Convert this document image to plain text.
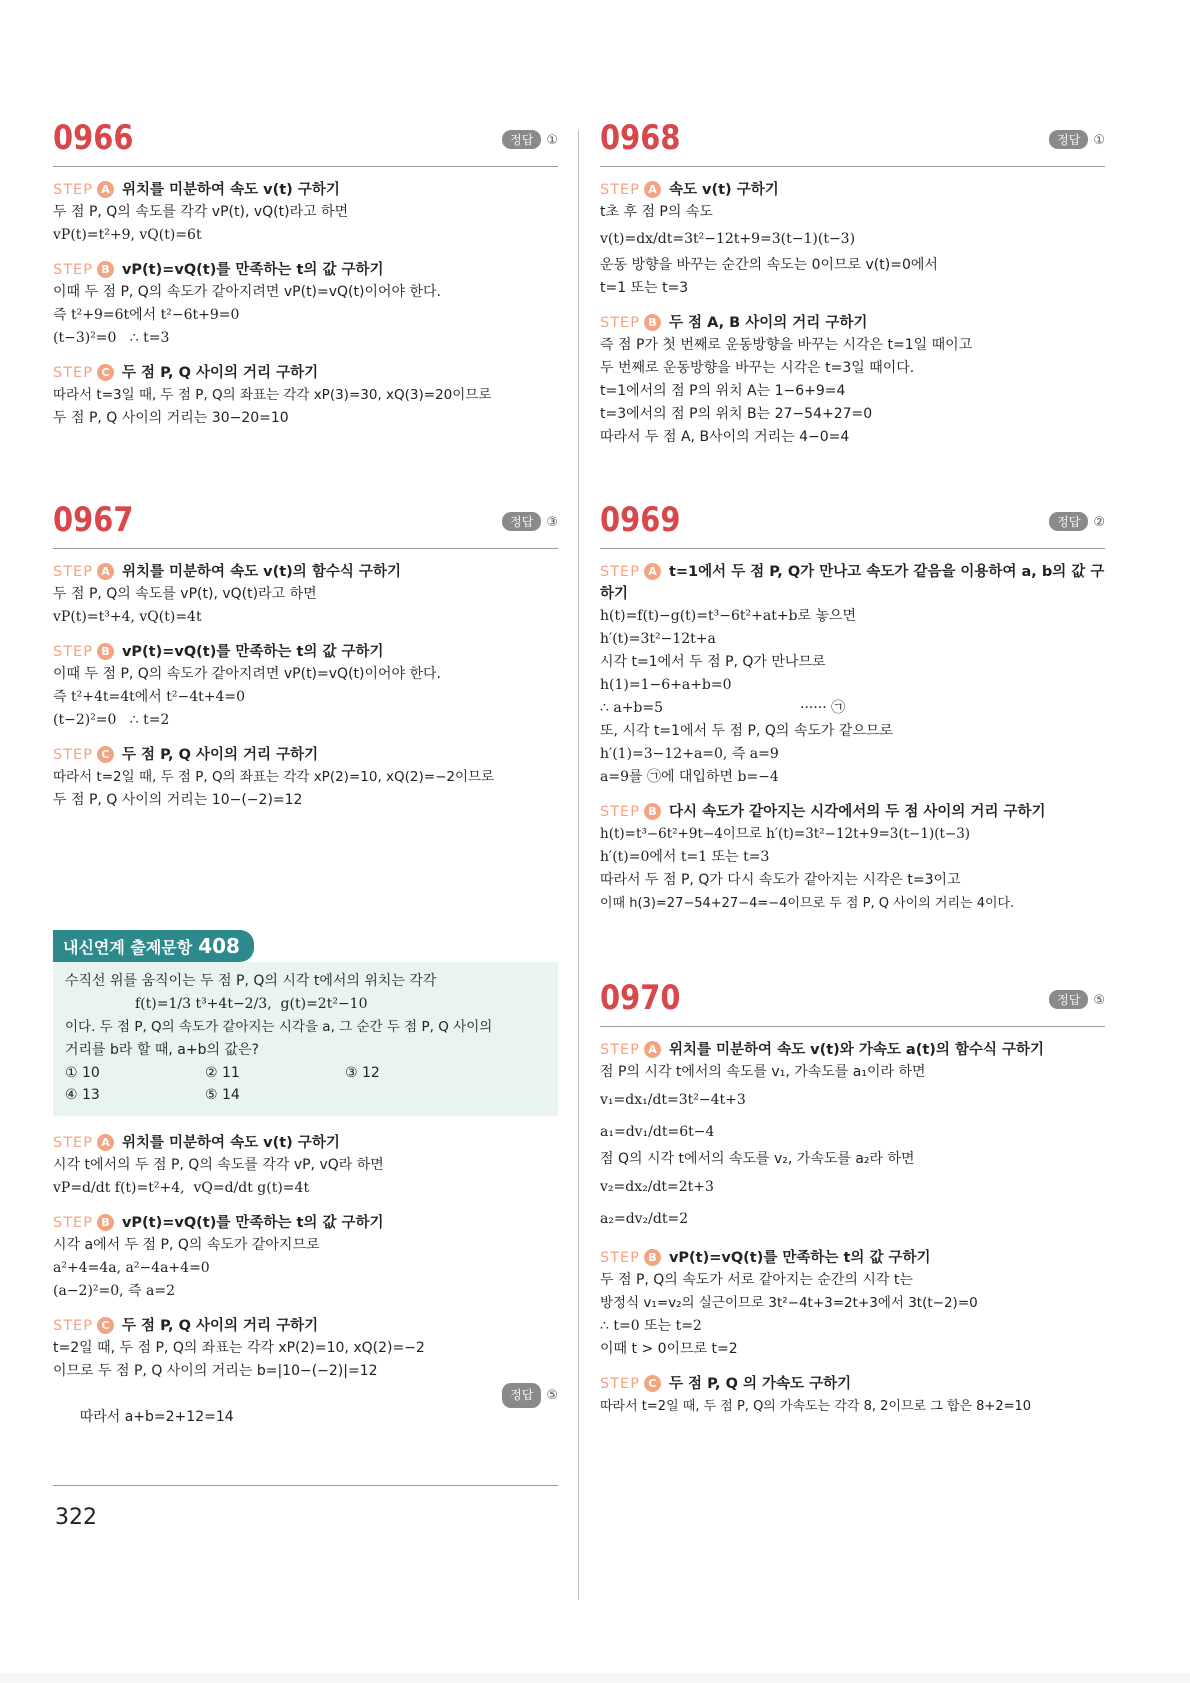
0966	정답 ①
STEP A 위치를 미분하여 속도 v(t) 구하기
두 점 P, Q의 속도를 각각 vP(t), vQ(t)라고 하면
vP(t)=t²+9, vQ(t)=6t
STEP B vP(t)=vQ(t)를 만족하는 t의 값 구하기
이때 두 점 P, Q의 속도가 같아지려면 vP(t)=vQ(t)이어야 한다.
즉 t²+9=6t에서 t²−6t+9=0
(t−3)²=0   ∴ t=3
STEP C 두 점 P, Q 사이의 거리 구하기
따라서 t=3일 때, 두 점 P, Q의 좌표는 각각 xP(3)=30, xQ(3)=20이므로
두 점 P, Q 사이의 거리는 30−20=10
0967	정답 ③
STEP A 위치를 미분하여 속도 v(t)의 함수식 구하기
두 점 P, Q의 속도를 vP(t), vQ(t)라고 하면
vP(t)=t³+4, vQ(t)=4t
STEP B vP(t)=vQ(t)를 만족하는 t의 값 구하기
이때 두 점 P, Q의 속도가 같아지려면 vP(t)=vQ(t)이어야 한다.
즉 t²+4t=4t에서 t²−4t+4=0
(t−2)²=0   ∴ t=2
STEP C 두 점 P, Q 사이의 거리 구하기
따라서 t=2일 때, 두 점 P, Q의 좌표는 각각 xP(2)=10, xQ(2)=−2이므로
두 점 P, Q 사이의 거리는 10−(−2)=12
내신연계 출제문항 408
수직선 위를 움직이는 두 점 P, Q의 시각 t에서의 위치는 각각
f(t)=1/3 t³+4t−2/3,  g(t)=2t²−10
이다. 두 점 P, Q의 속도가 같아지는 시각을 a, 그 순간 두 점 P, Q 사이의
거리를 b라 할 때, a+b의 값은?
① 10	② 11	③ 12
④ 13	⑤ 14
STEP A 위치를 미분하여 속도 v(t) 구하기
시각 t에서의 두 점 P, Q의 속도를 각각 vP, vQ라 하면
vP=d/dt f(t)=t²+4,  vQ=d/dt g(t)=4t
STEP B vP(t)=vQ(t)를 만족하는 t의 값 구하기
시각 a에서 두 점 P, Q의 속도가 같아지므로
a²+4=4a, a²−4a+4=0
(a−2)²=0, 즉 a=2
STEP C 두 점 P, Q 사이의 거리 구하기
t=2일 때, 두 점 P, Q의 좌표는 각각 xP(2)=10, xQ(2)=−2
이므로 두 점 P, Q 사이의 거리는 b=|10−(−2)|=12

따라서 a+b=2+12=14

정답 ⑤

0968	정답 ①
STEP A 속도 v(t) 구하기
t초 후 점 P의 속도
v(t)=dx/dt=3t²−12t+9=3(t−1)(t−3)
운동 방향을 바꾸는 순간의 속도는 0이므로 v(t)=0에서
t=1 또는 t=3
STEP B 두 점 A, B 사이의 거리 구하기
즉 점 P가 첫 번째로 운동방향을 바꾸는 시각은 t=1일 때이고
두 번째로 운동방향을 바꾸는 시각은 t=3일 때이다.
t=1에서의 점 P의 위치 A는 1−6+9=4
t=3에서의 점 P의 위치 B는 27−54+27=0
따라서 두 점 A, B사이의 거리는 4−0=4
0969	정답 ②
STEP A t=1에서 두 점 P, Q가 만나고 속도가 같음을 이용하여 a, b의 값 구하기
h(t)=f(t)−g(t)=t³−6t²+at+b로 놓으면
h′(t)=3t²−12t+a
시각 t=1에서 두 점 P, Q가 만나므로
h(1)=1−6+a+b=0
∴ a+b=5	······ ㉠
또, 시각 t=1에서 두 점 P, Q의 속도가 같으므로
h′(1)=3−12+a=0, 즉 a=9
a=9를 ㉠에 대입하면 b=−4
STEP B 다시 속도가 같아지는 시각에서의 두 점 사이의 거리 구하기
h(t)=t³−6t²+9t−4이므로 h′(t)=3t²−12t+9=3(t−1)(t−3)
h′(t)=0에서 t=1 또는 t=3
따라서 두 점 P, Q가 다시 속도가 같아지는 시각은 t=3이고
이때 h(3)=27−54+27−4=−4이므로 두 점 P, Q 사이의 거리는 4이다.
0970	정답 ⑤
STEP A 위치를 미분하여 속도 v(t)와 가속도 a(t)의 함수식 구하기
점 P의 시각 t에서의 속도를 v₁, 가속도를 a₁이라 하면
v₁=dx₁/dt=3t²−4t+3
a₁=dv₁/dt=6t−4
점 Q의 시각 t에서의 속도를 v₂, 가속도를 a₂라 하면
v₂=dx₂/dt=2t+3
a₂=dv₂/dt=2
STEP B vP(t)=vQ(t)를 만족하는 t의 값 구하기
두 점 P, Q의 속도가 서로 같아지는 순간의 시각 t는
방정식 v₁=v₂의 실근이므로 3t²−4t+3=2t+3에서 3t(t−2)=0
∴ t=0 또는 t=2
이때 t > 0이므로 t=2
STEP C 두 점 P, Q 의 가속도 구하기
따라서 t=2일 때, 두 점 P, Q의 가속도는 각각 8, 2이므로 그 합은 8+2=10
322
